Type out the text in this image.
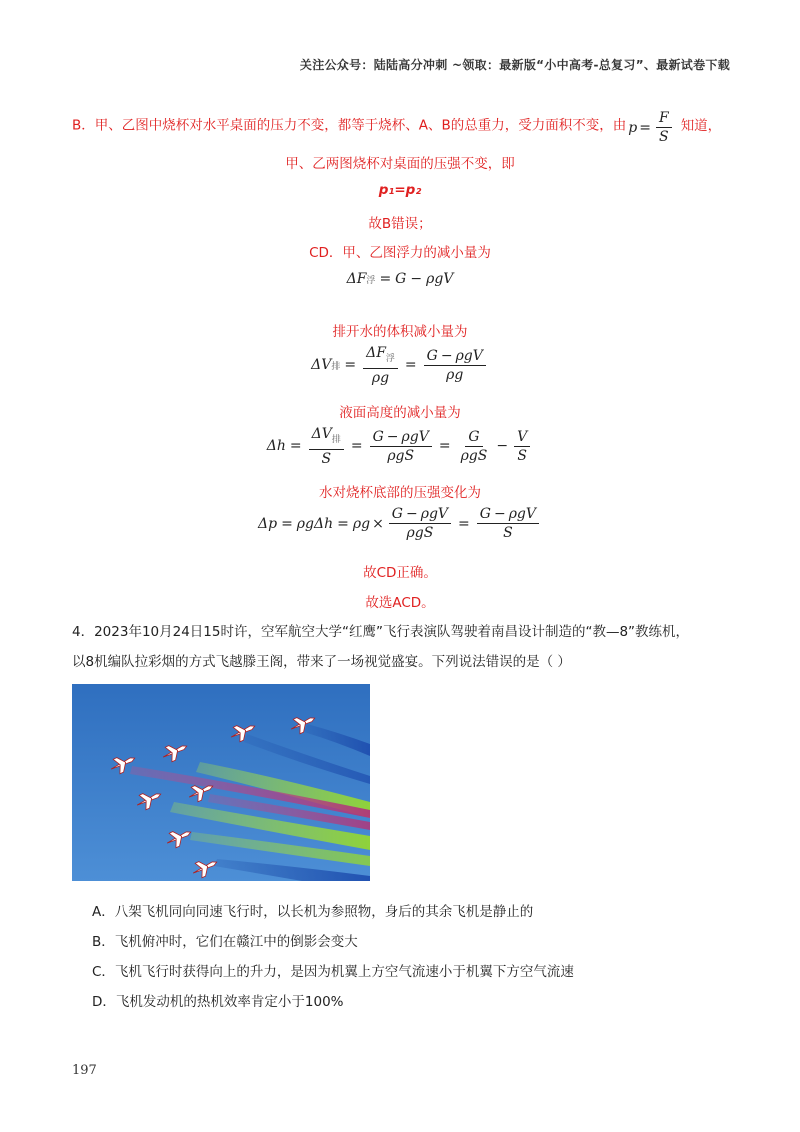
关注公众号：陆陆高分冲刺 ~领取：最新版“小中高考-总复习”、最新试卷下载
B．甲、乙图中烧杯对水平桌面的压力不变，都等于烧杯、A、B的总重力，受力面积不变，由 $p = \frac{F}{S}$ 知道，
甲、乙两图烧杯对桌面的压强不变，即
p₁=p₂
故B错误；
CD．甲、乙图浮力的减小量为
ΔF 浮 = G − ρgV
排开水的体积减小量为
ΔV 排 = $\frac{\Delta F_浮}{\rho g} = \frac{\text{G − ρgV}}{\rho g}$
液面高度的减小量为
$\Delta h = \frac{\Delta V_排}{S} = \frac{\text{G − ρgV}}{\text{ρgS}} = \frac{G}{\text{ρgS}} - \frac{V}{S}$
水对烧杯底部的压强变化为
$\Delta p = \rho g\Delta h = \rho g \times \frac{\text{G − ρgV}}{\text{ρgS}} = \frac{\text{G − ρgV}}{S}$
故CD正确。
故选ACD。
4．2023年10月24日15时许，空军航空大学“红鹰”飞行表演队驾驶着南昌设计制造的“教—8”教练机，
以8机编队拉彩烟的方式飞越滕王阁，带来了一场视觉盛宴。下列说法错误的是（ ）
A．八架飞机同向同速飞行时，以长机为参照物，身后的其余飞机是静止的
B．飞机俯冲时，它们在赣江中的倒影会变大
C．飞机飞行时获得向上的升力，是因为机翼上方空气流速小于机翼下方空气流速
D．飞机发动机的热机效率肯定小于100%
197
